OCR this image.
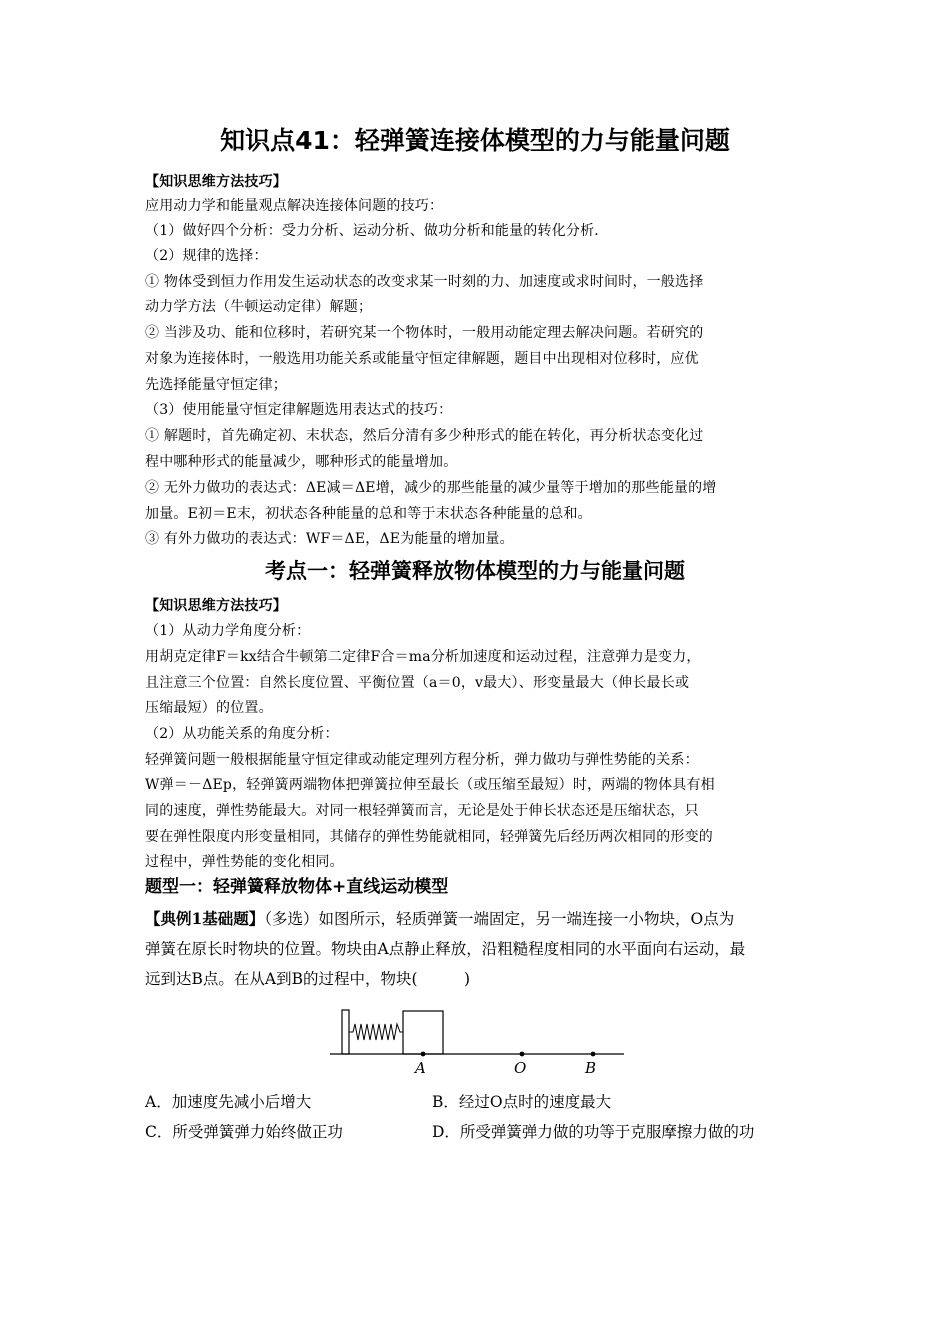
知识点41：轻弹簧连接体模型的力与能量问题
【知识思维方法技巧】
应用动力学和能量观点解决连接体问题的技巧：
（1）做好四个分析：受力分析、运动分析、做功分析和能量的转化分析.
（2）规律的选择：
① 物体受到恒力作用发生运动状态的改变求某一时刻的力、加速度或求时间时，一般选择
动力学方法（牛顿运动定律）解题；
② 当涉及功、能和位移时，若研究某一个物体时，一般用动能定理去解决问题。若研究的
对象为连接体时，一般选用功能关系或能量守恒定律解题，题目中出现相对位移时，应优
先选择能量守恒定律；
（3）使用能量守恒定律解题选用表达式的技巧：
① 解题时，首先确定初、末状态，然后分清有多少种形式的能在转化，再分析状态变化过
程中哪种形式的能量减少，哪种形式的能量增加。
② 无外力做功的表达式：ΔE减＝ΔE增，减少的那些能量的减少量等于增加的那些能量的增
加量。E初＝E末，初状态各种能量的总和等于末状态各种能量的总和。
③ 有外力做功的表达式：WF＝ΔE，ΔE为能量的增加量。
考点一：轻弹簧释放物体模型的力与能量问题
【知识思维方法技巧】
（1）从动力学角度分析：
用胡克定律F＝kx结合牛顿第二定律F合＝ma分析加速度和运动过程，注意弹力是变力，
且注意三个位置：自然长度位置、平衡位置（a＝0，v最大）、形变量最大（伸长最长或
压缩最短）的位置。
（2）从功能关系的角度分析：
轻弹簧问题一般根据能量守恒定律或动能定理列方程分析，弹力做功与弹性势能的关系：
W弹＝－ΔEp，轻弹簧两端物体把弹簧拉伸至最长（或压缩至最短）时，两端的物体具有相
同的速度，弹性势能最大。对同一根轻弹簧而言，无论是处于伸长状态还是压缩状态，只
要在弹性限度内形变量相同，其储存的弹性势能就相同，轻弹簧先后经历两次相同的形变的
过程中，弹性势能的变化相同。
题型一：轻弹簧释放物体+直线运动模型
【典例1基础题】（多选）如图所示，轻质弹簧一端固定，另一端连接一小物块，O点为
弹簧在原长时物块的位置。物块由A点静止释放，沿粗糙程度相同的水平面向右运动，最
远到达B点。在从A到B的过程中，物块(　　　)
A	O	B
A．加速度先减小后增大	B．经过O点时的速度最大
C．所受弹簧弹力始终做正功	D．所受弹簧弹力做的功等于克服摩擦力做的功
